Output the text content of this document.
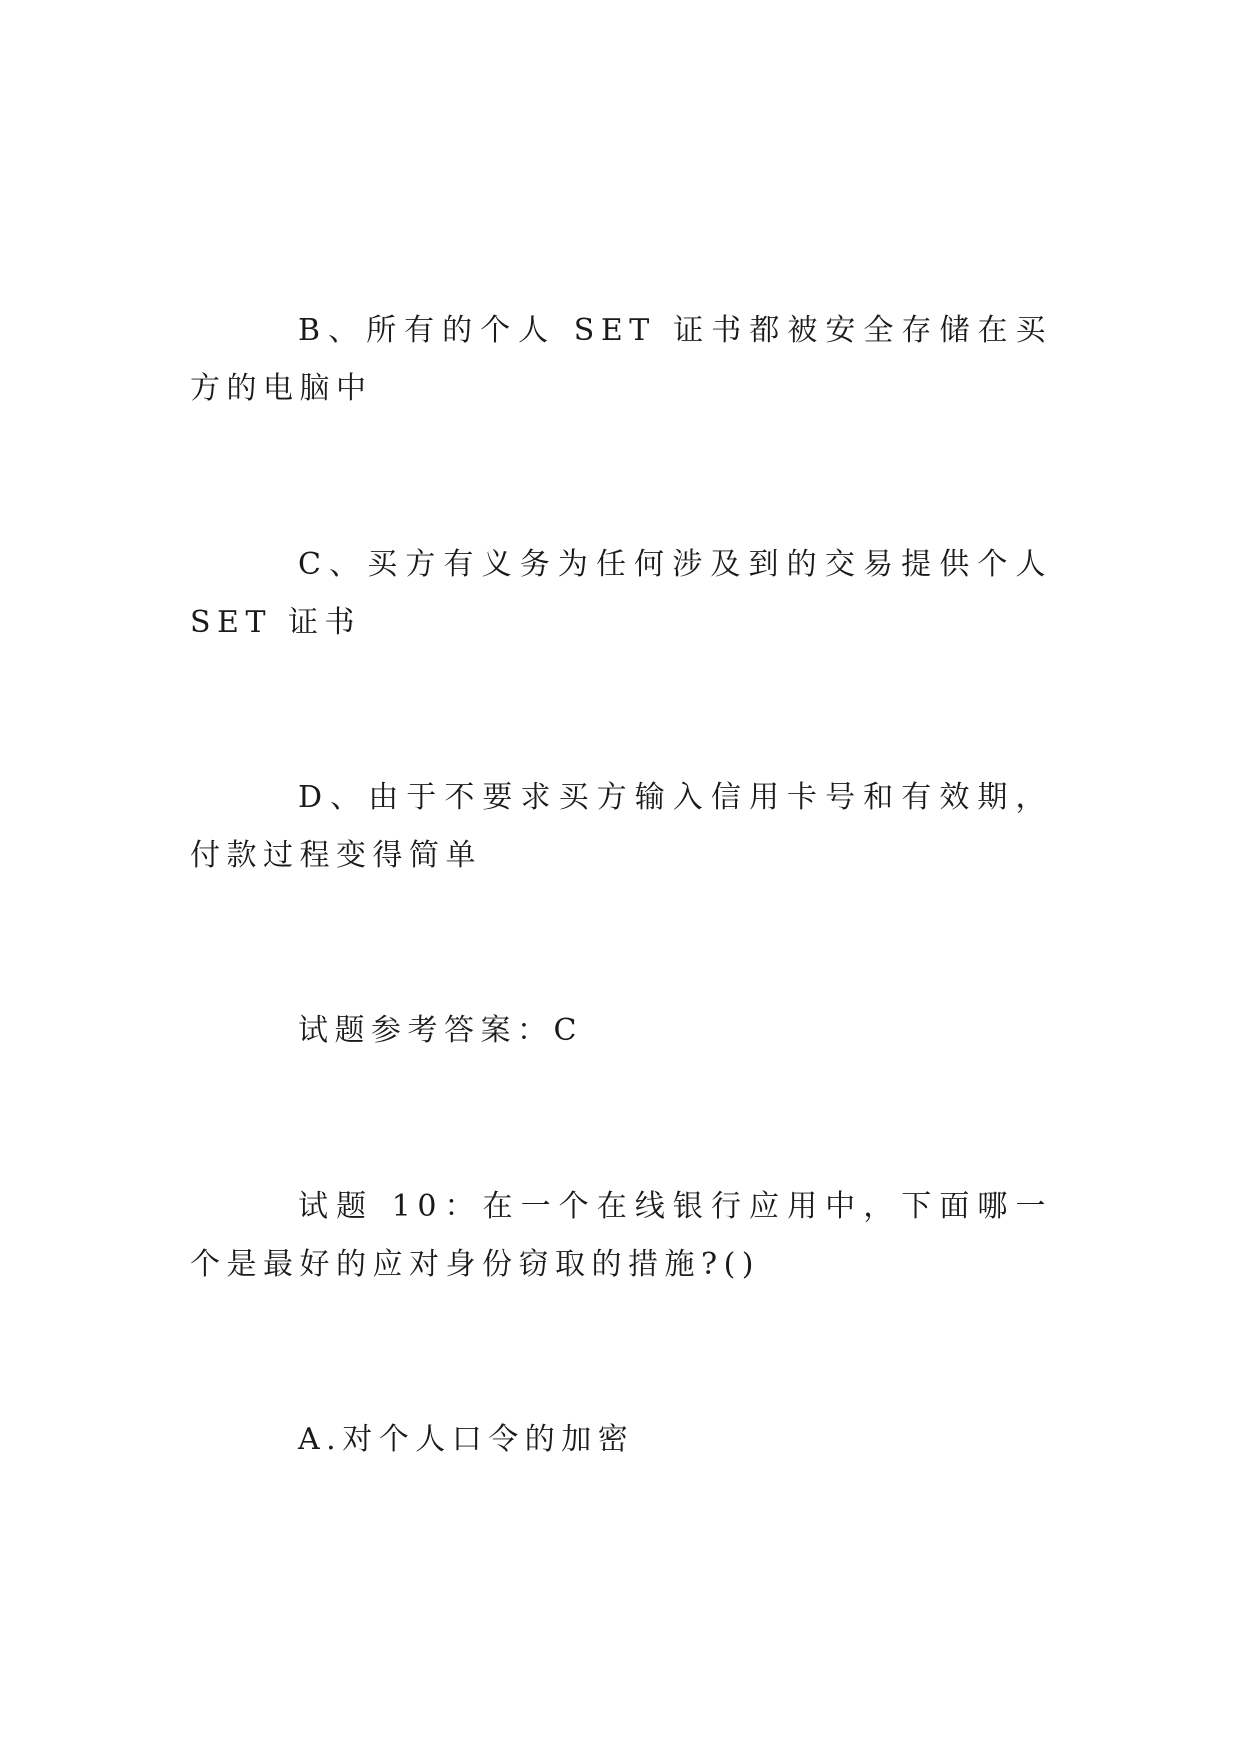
B、所有的个人 SET 证书都被安全存储在买方的电脑中

C、买方有义务为任何涉及到的交易提供个人 SET 证书

D、由于不要求买方输入信用卡号和有效期，付款过程变得简单

试题参考答案：C

试题 10：在一个在线银行应用中，下面哪一个是最好的应对身份窃取的措施?()

A.对个人口令的加密
